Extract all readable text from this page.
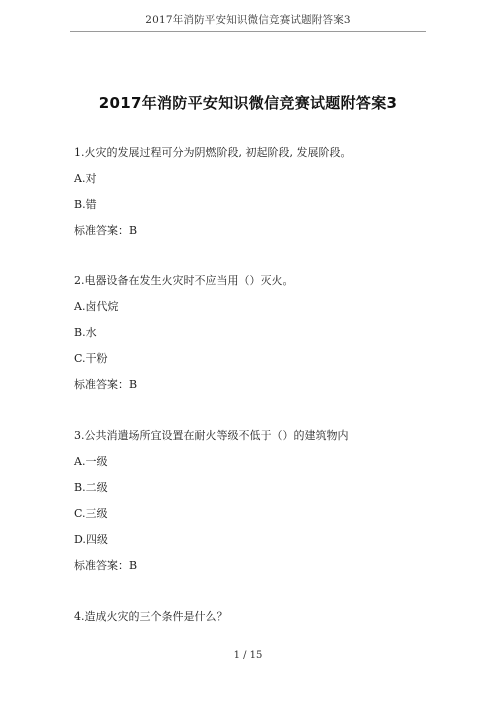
2017年消防平安知识微信竞赛试题附答案3
2017年消防平安知识微信竞赛试题附答案3
1.火灾的发展过程可分为阴燃阶段, 初起阶段, 发展阶段。
A.对
B.错
标准答案：B
2.电器设备在发生火灾时不应当用（）灭火。
A.卤代烷
B.水
C.干粉
标准答案：B
3.公共消遣场所宜设置在耐火等级不低于（）的建筑物内
A.一级
B.二级
C.三级
D.四级
标准答案：B
4.造成火灾的三个条件是什么？
1 / 15
